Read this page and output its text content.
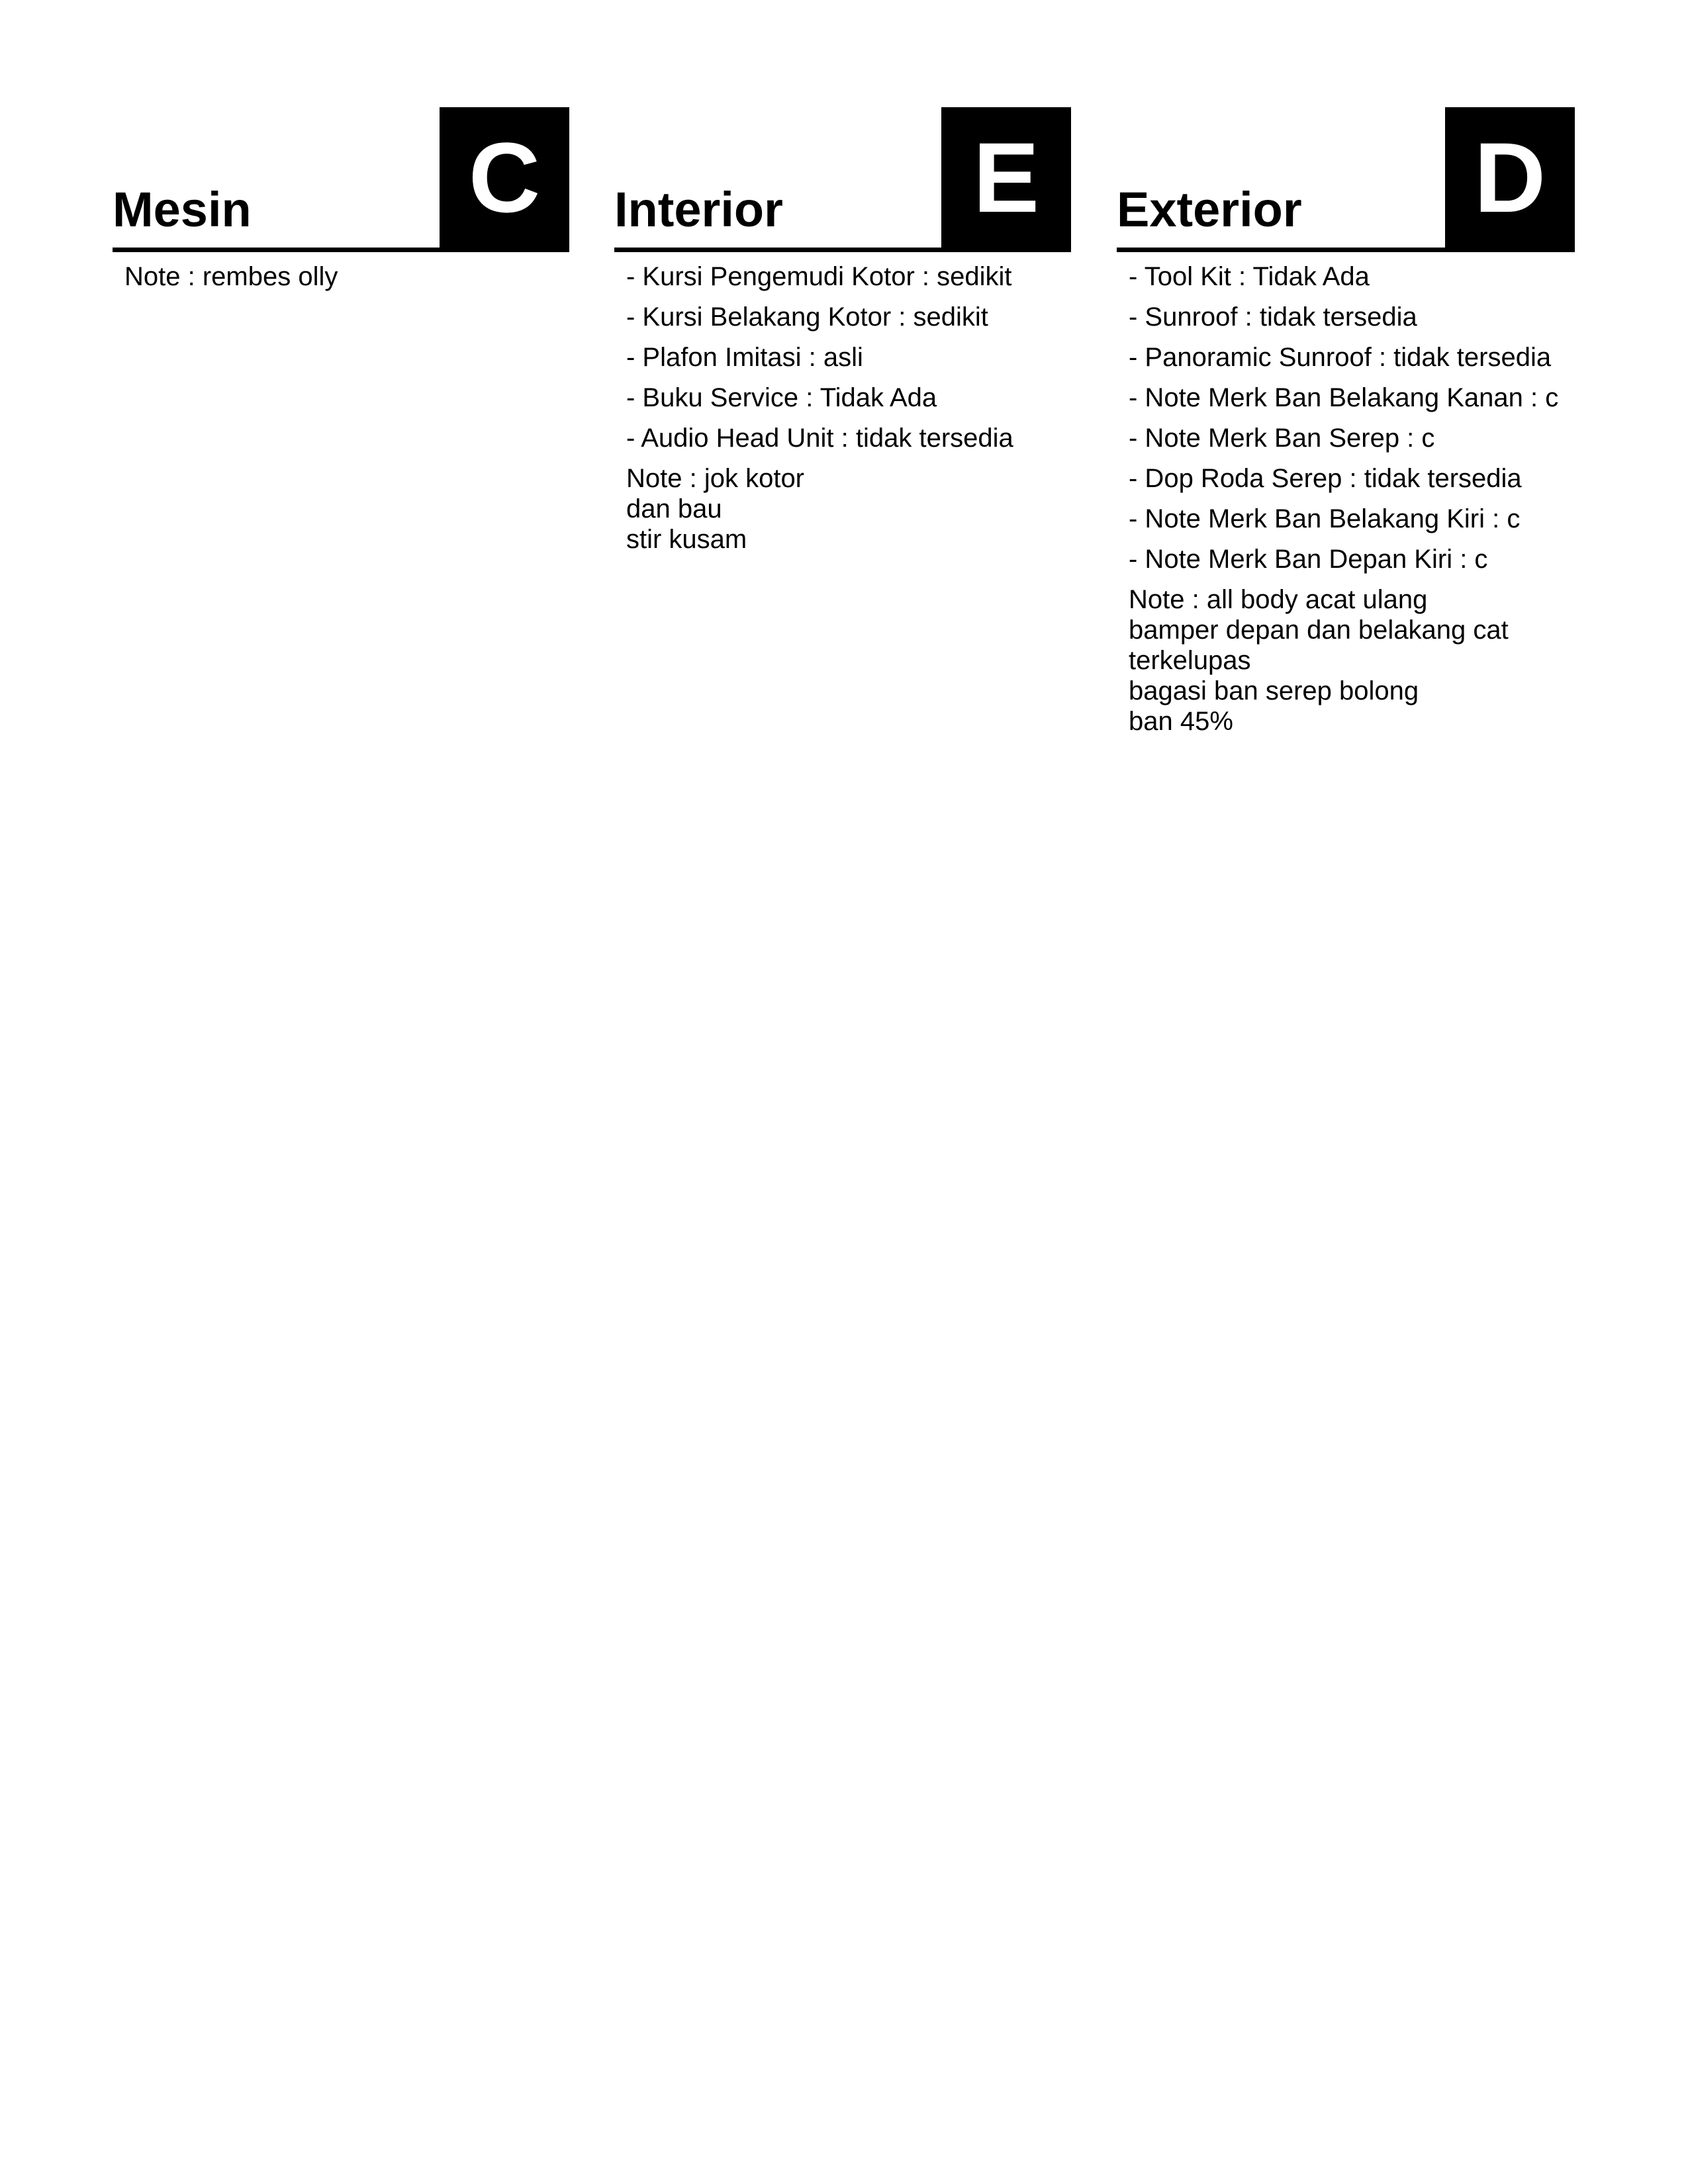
Mesin C
Note : rembes olly
Interior	E
- Kursi Pengemudi Kotor : sedikit
- Kursi Belakang Kotor : sedikit
- Plafon Imitasi : asli
- Buku Service : Tidak Ada
- Audio Head Unit : tidak tersedia
Note : jok kotor
dan bau
stir kusam
Exterior D
- Tool Kit : Tidak Ada
- Sunroof : tidak tersedia
- Panoramic Sunroof : tidak tersedia
- Note Merk Ban Belakang Kanan : c
- Note Merk Ban Serep : c
- Dop Roda Serep : tidak tersedia
- Note Merk Ban Belakang Kiri : c
- Note Merk Ban Depan Kiri : c
Note : all body acat ulang
bamper depan dan belakang cat terkelupas
bagasi ban serep bolong
ban 45%
